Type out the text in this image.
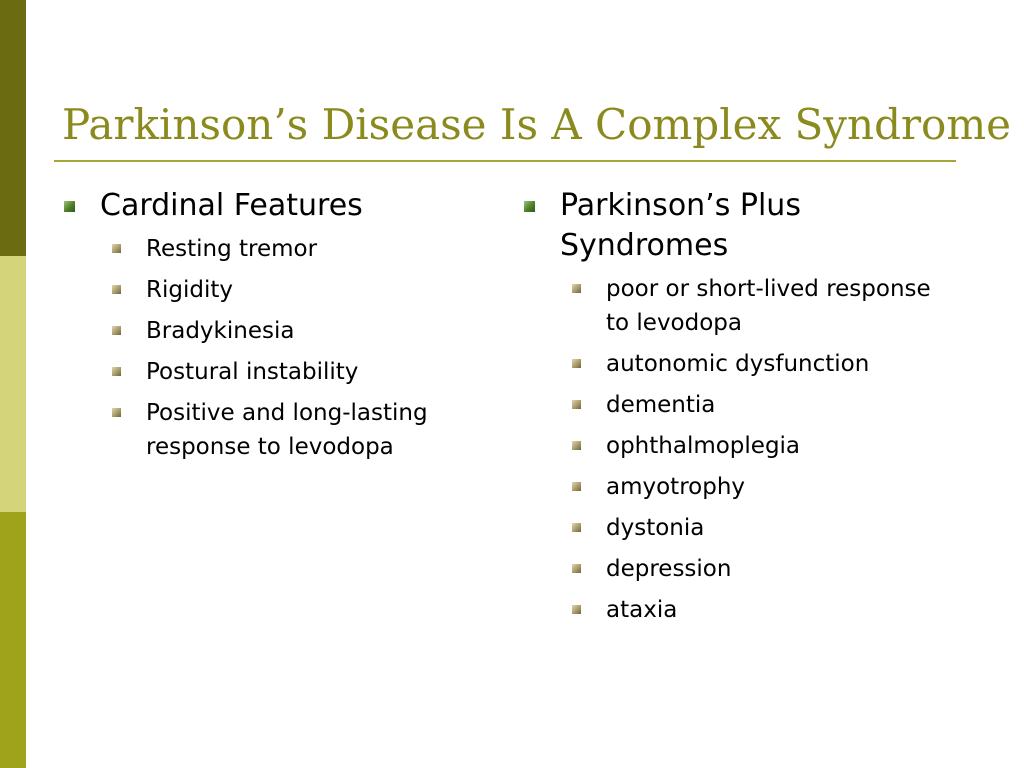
Parkinson’s Disease Is A Complex Syndrome
Cardinal Features
Resting tremor
Rigidity
Bradykinesia
Postural instability
Positive and long-lasting response to levodopa
Parkinson’s Plus Syndromes
poor or short-lived response to levodopa
autonomic dysfunction
dementia
ophthalmoplegia
amyotrophy
dystonia
depression
ataxia
